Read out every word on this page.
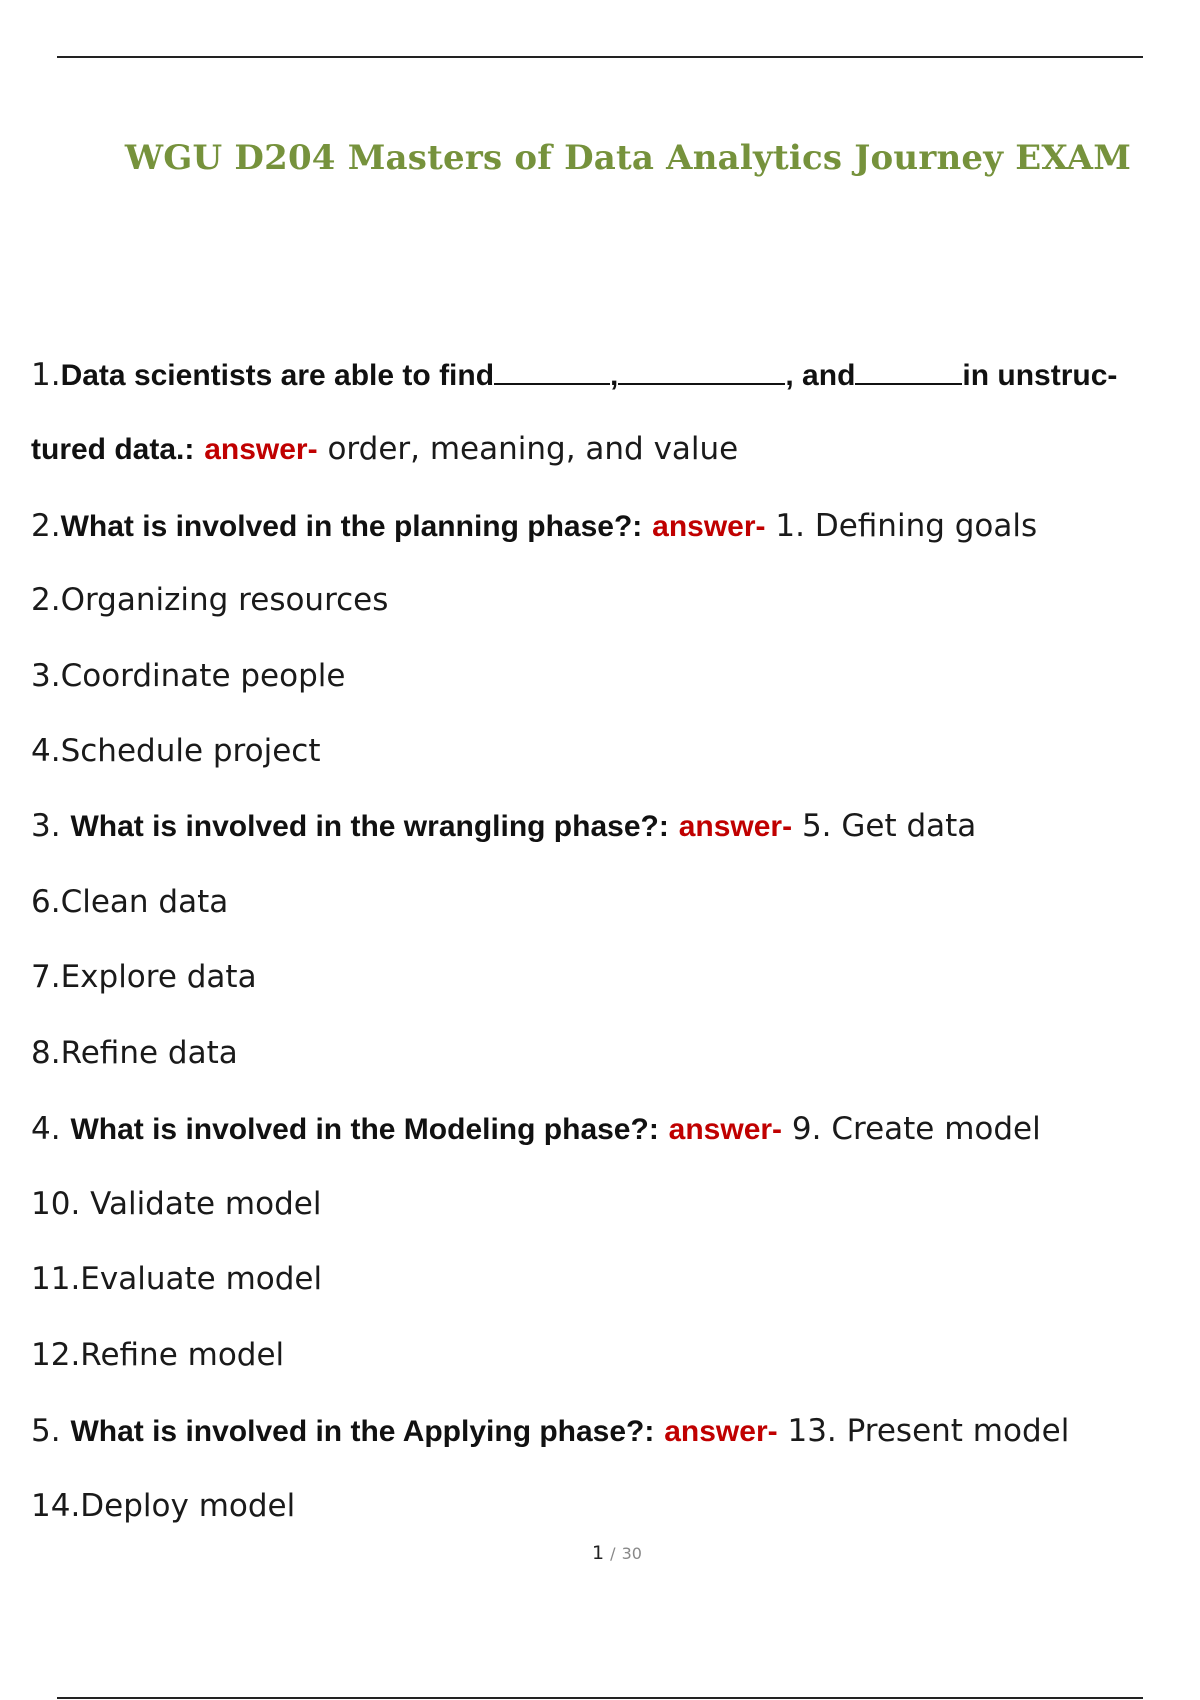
WGU D204 Masters of Data Analytics Journey EXAM
1.Data scientists are able to find	,	, and	in unstruc-
tured data.: answer- order, meaning, and value
2.What is involved in the planning phase?: answer- 1. Defining goals
2.Organizing resources
3.Coordinate people
4.Schedule project
3. What is involved in the wrangling phase?: answer- 5. Get data
6.Clean data
7.Explore data
8.Refine data
4. What is involved in the Modeling phase?: answer- 9. Create model
10. Validate model
11.Evaluate model
12.Refine model
5. What is involved in the Applying phase?: answer- 13. Present model
14.Deploy model
1 / 30
